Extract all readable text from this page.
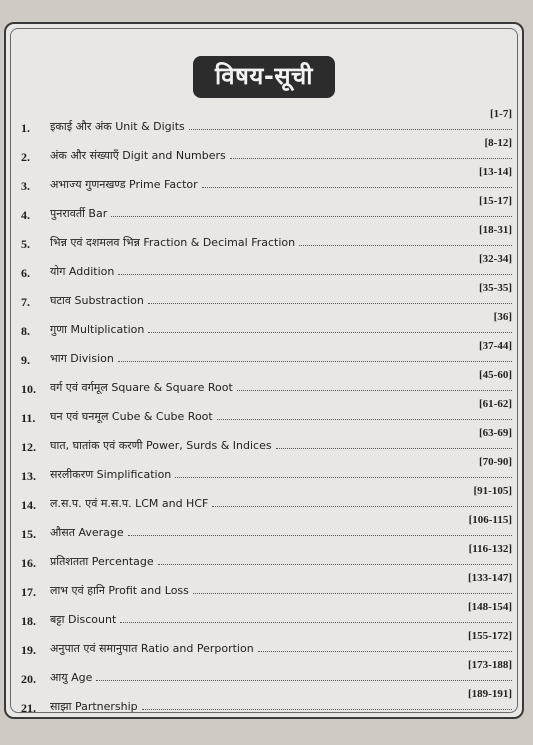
विषय-सूची
1. इकाई और अंक Unit & Digits
[1-7]
2. अंक और संख्याएँ Digit and Numbers
[8-12]
3. अभाज्य गुणनखण्ड Prime Factor
[13-14]
4. पुनरावर्ती Bar
[15-17]
5. भिन्न एवं दशमलव भिन्न Fraction & Decimal Fraction
[18-31]
6. योग Addition
[32-34]
7. घटाव Substraction
[35-35]
8. गुणा Multiplication
[36]
9. भाग Division
[37-44]
10. वर्ग एवं वर्गमूल Square & Square Root
[45-60]
11. घन एवं घनमूल Cube & Cube Root
[61-62]
12. घात, घातांक एवं करणी Power, Surds & Indices
[63-69]
13. सरलीकरण Simplification
[70-90]
14. ल.स.प. एवं म.स.प. LCM and HCF
[91-105]
15. औसत Average
[106-115]
16. प्रतिशतता Percentage
[116-132]
17. लाभ एवं हानि Profit and Loss
[133-147]
18. बट्टा Discount
[148-154]
19. अनुपात एवं समानुपात Ratio and Perportion
[155-172]
20. आयु Age
[173-188]
21. साझा Partnership
[189-191]
